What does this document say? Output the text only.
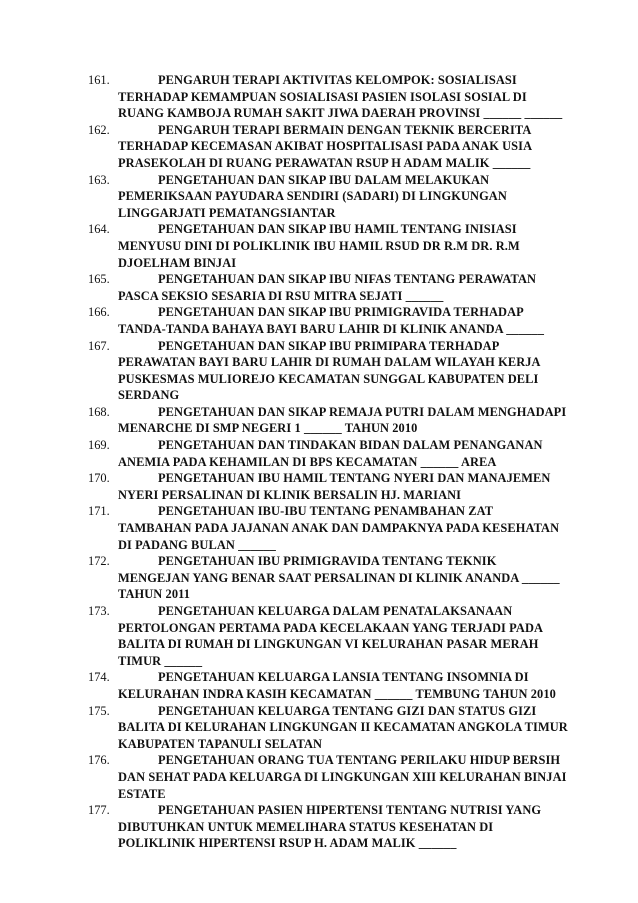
161.	PENGARUH TERAPI AKTIVITAS KELOMPOK: SOSIALISASI TERHADAP KEMAMPUAN SOSIALISASI PASIEN ISOLASI SOSIAL DI RUANG KAMBOJA RUMAH SAKIT JIWA DAERAH PROVINSI ______ ______
162.	PENGARUH TERAPI BERMAIN DENGAN TEKNIK BERCERITA TERHADAP KECEMASAN AKIBAT HOSPITALISASI PADA ANAK USIA PRASEKOLAH DI RUANG PERAWATAN RSUP H ADAM MALIK ______
163.	PENGETAHUAN DAN SIKAP IBU DALAM MELAKUKAN PEMERIKSAAN PAYUDARA SENDIRI (SADARI) DI LINGKUNGAN LINGGARJATI PEMATANGSIANTAR
164.	PENGETAHUAN DAN SIKAP IBU HAMIL TENTANG INISIASI MENYUSU DINI DI POLIKLINIK IBU HAMIL RSUD DR R.M DR. R.M DJOELHAM BINJAI
165.	PENGETAHUAN DAN SIKAP IBU NIFAS TENTANG PERAWATAN PASCA SEKSIO SESARIA DI RSU MITRA SEJATI ______
166.	PENGETAHUAN DAN SIKAP IBU PRIMIGRAVIDA TERHADAP TANDA-TANDA BAHAYA BAYI BARU LAHIR DI KLINIK ANANDA ______
167.	PENGETAHUAN DAN SIKAP IBU PRIMIPARA TERHADAP PERAWATAN BAYI BARU LAHIR DI RUMAH DALAM WILAYAH KERJA PUSKESMAS MULIOREJO KECAMATAN SUNGGAL KABUPATEN DELI SERDANG
168.	PENGETAHUAN DAN SIKAP REMAJA PUTRI DALAM MENGHADAPI MENARCHE DI SMP NEGERI 1 ______ TAHUN 2010
169.	PENGETAHUAN DAN TINDAKAN BIDAN DALAM PENANGANAN ANEMIA PADA KEHAMILAN DI BPS KECAMATAN ______ AREA
170.	PENGETAHUAN IBU HAMIL TENTANG NYERI DAN MANAJEMEN NYERI PERSALINAN DI KLINIK BERSALIN HJ. MARIANI
171.	PENGETAHUAN IBU-IBU TENTANG PENAMBAHAN ZAT TAMBAHAN PADA JAJANAN ANAK DAN DAMPAKNYA PADA KESEHATAN DI PADANG BULAN ______
172.	PENGETAHUAN IBU PRIMIGRAVIDA TENTANG TEKNIK MENGEJAN YANG BENAR SAAT PERSALINAN DI KLINIK ANANDA ______ TAHUN 2011
173.	PENGETAHUAN KELUARGA DALAM PENATALAKSANAAN PERTOLONGAN PERTAMA PADA KECELAKAAN YANG TERJADI PADA BALITA DI RUMAH DI LINGKUNGAN VI KELURAHAN PASAR MERAH TIMUR ______
174.	PENGETAHUAN KELUARGA LANSIA TENTANG INSOMNIA DI KELURAHAN INDRA KASIH KECAMATAN ______ TEMBUNG TAHUN 2010
175.	PENGETAHUAN KELUARGA TENTANG GIZI DAN STATUS GIZI BALITA DI KELURAHAN LINGKUNGAN II KECAMATAN ANGKOLA TIMUR KABUPATEN TAPANULI SELATAN
176.	PENGETAHUAN ORANG TUA TENTANG PERILAKU HIDUP BERSIH DAN SEHAT PADA KELUARGA DI LINGKUNGAN XIII KELURAHAN BINJAI ESTATE
177.	PENGETAHUAN PASIEN HIPERTENSI TENTANG NUTRISI YANG DIBUTUHKAN UNTUK MEMELIHARA STATUS KESEHATAN DI POLIKLINIK HIPERTENSI RSUP H. ADAM MALIK ______
